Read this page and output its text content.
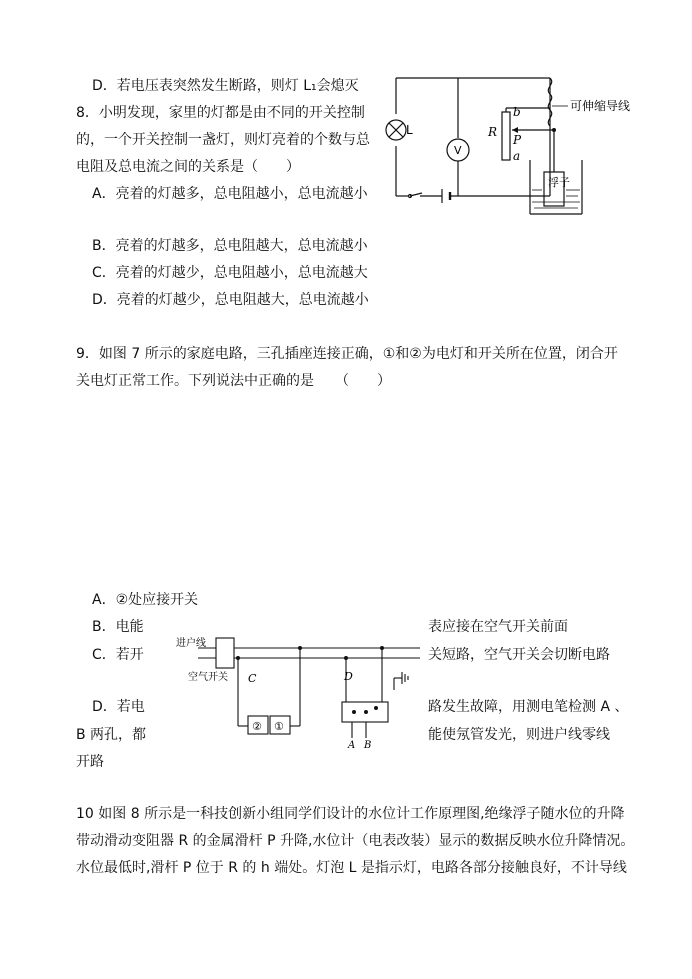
D．若电压表突然发生断路，则灯 L₁会熄灭
8．小明发现，家里的灯都是由不同的开关控制
的，一个开关控制一盏灯，则灯亮着的个数与总
电阻及总电流之间的关系是（　　）
A．亮着的灯越多，总电阻越小，总电流越小
B．亮着的灯越多，总电阻越大，总电流越小
C．亮着的灯越少，总电阻越小，总电流越大
D．亮着的灯越少，总电阻越大，总电流越小
L
V
R
b
a
P
可伸缩导线
浮子
9．如图 7 所示的家庭电路，三孔插座连接正确，①和②为电灯和开关所在位置，闭合开
关电灯正常工作。下列说法中正确的是　　（　　）
A．②处应接开关
B．电能	表应接在空气开关前面
C．若开	关短路，空气开关会切断电路
D．若电	路发生故障，用测电笔检测 A 、
B 两孔，都	能使氖管发光，则进户线零线
开路
进户线
空气开关 C	D
② ①
A B
10 如图 8 所示是一科技创新小组同学们设计的水位计工作原理图,绝缘浮子随水位的升降
带动滑动变阻器 R 的金属滑杆 P 升降,水位计（电表改装）显示的数据反映水位升降情况。
水位最低时,滑杆 P 位于 R 的 h 端处。灯泡 L 是指示灯，电路各部分接触良好，不计导线
